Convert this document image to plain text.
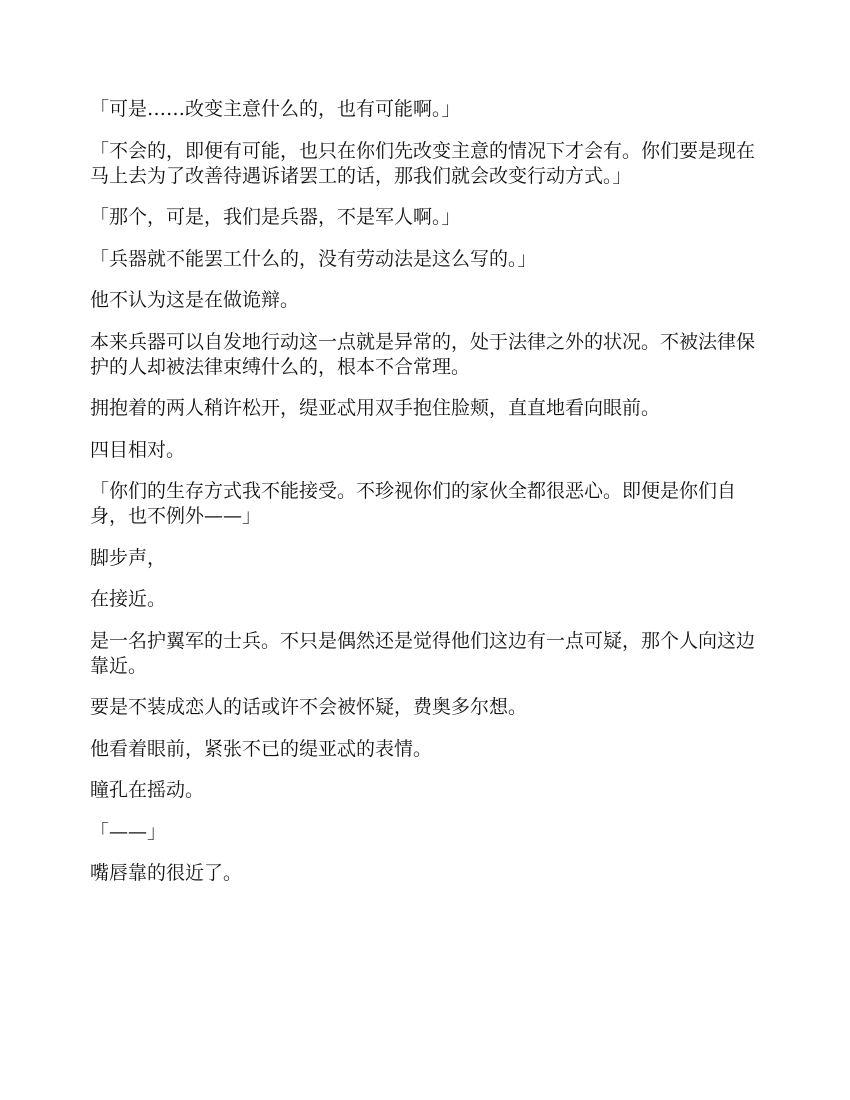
「可是……改变主意什么的，也有可能啊。」

「不会的，即便有可能，也只在你们先改变主意的情况下才会有。你们要是现在马上去为了改善待遇诉诸罢工的话，那我们就会改变行动方式。」

「那个，可是，我们是兵器，不是军人啊。」

「兵器就不能罢工什么的，没有劳动法是这么写的。」

他不认为这是在做诡辩。

本来兵器可以自发地行动这一点就是异常的，处于法律之外的状况。不被法律保护的人却被法律束缚什么的，根本不合常理。

拥抱着的两人稍许松开，缇亚忒用双手抱住脸颊，直直地看向眼前。

四目相对。

「你们的生存方式我不能接受。不珍视你们的家伙全都很恶心。即便是你们自身，也不例外——」

脚步声，

在接近。

是一名护翼军的士兵。不只是偶然还是觉得他们这边有一点可疑，那个人向这边靠近。

要是不装成恋人的话或许不会被怀疑，费奥多尔想。

他看着眼前，紧张不已的缇亚忒的表情。

瞳孔在摇动。

「——」

嘴唇靠的很近了。
